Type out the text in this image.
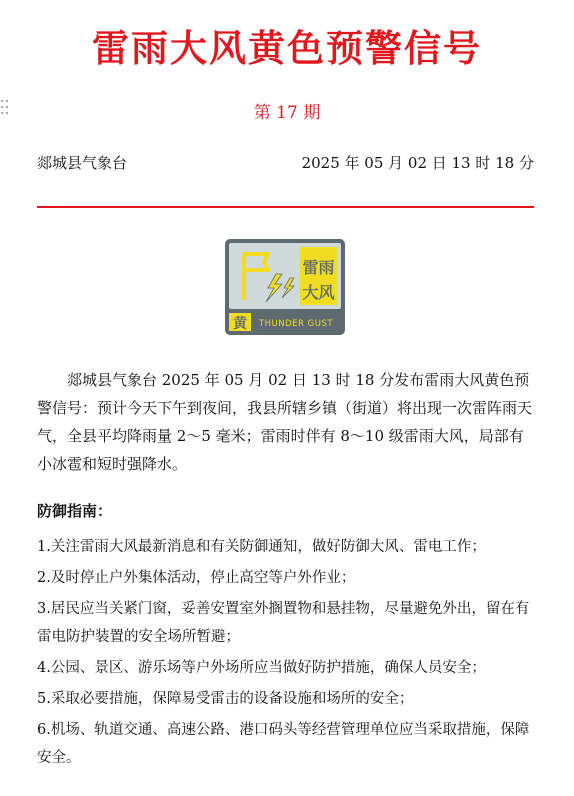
雷雨大风黄色预警信号
第 17 期
郯城县气象台	2025 年 05 月 02 日 13 时 18 分
雷雨
大风
黄 THUNDER GUST

郯城县气象台 2025 年 05 月 02 日 13 时 18 分发布雷雨大风黄色预警信号：预计今天下午到夜间，我县所辖乡镇（街道）将出现一次雷阵雨天气，全县平均降雨量 2～5 毫米；雷雨时伴有 8～10 级雷雨大风，局部有小冰雹和短时强降水。

防御指南：
1.关注雷雨大风最新消息和有关防御通知，做好防御大风、雷电工作；
2.及时停止户外集体活动，停止高空等户外作业；
3.居民应当关紧门窗，妥善安置室外搁置物和悬挂物，尽量避免外出，留在有雷电防护装置的安全场所暂避；
4.公园、景区、游乐场等户外场所应当做好防护措施，确保人员安全；
5.采取必要措施，保障易受雷击的设备设施和场所的安全；
6.机场、轨道交通、高速公路、港口码头等经营管理单位应当采取措施，保障安全。
